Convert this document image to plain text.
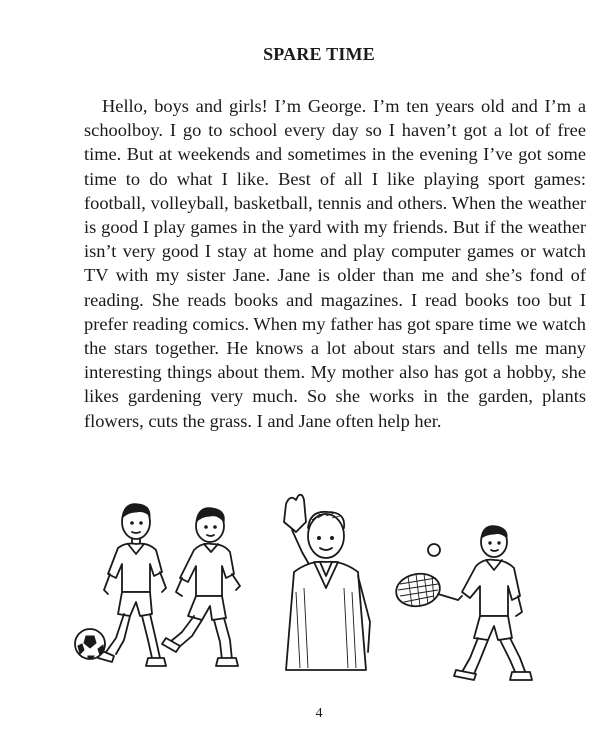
SPARE TIME

Hello, boys and girls! I’m George. I’m ten years old and I’m a schoolboy. I go to school every day so I haven’t got a lot of free time. But at weekends and sometimes in the evening I’ve got some time to do what I like. Best of all I like playing sport games: football, volleyball, basketball, tennis and others. When the weather is good I play games in the yard with my friends. But if the weather isn’t very good I stay at home and play computer games or watch TV with my sister Jane. Jane is older than me and she’s fond of reading. She reads books and magazines. I read books too but I prefer reading comics. When my father has got spare time we watch the stars together. He knows a lot about stars and tells me many interesting things about them. My mother also has got a hobby, she likes gardening very much. So she works in the garden, plants flowers, cuts the grass. I and Jane often help her.

4
